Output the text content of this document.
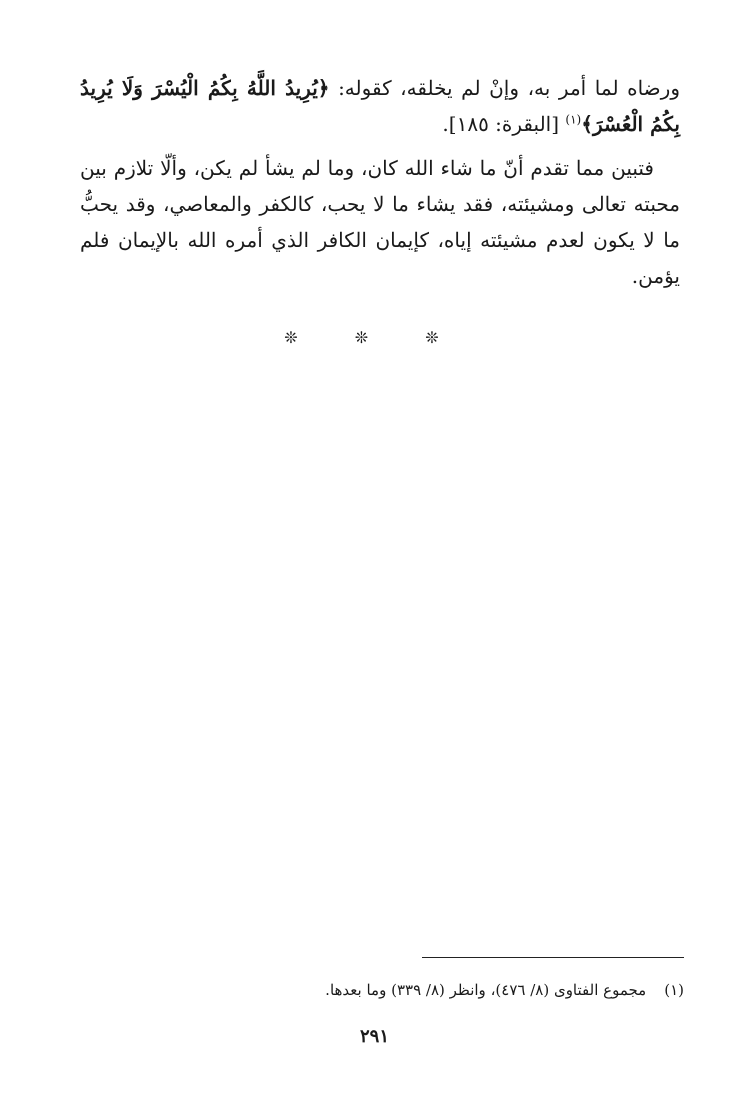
ورضاه لما أمر به، وإنْ لم يخلقه، كقوله: ﴿يُرِيدُ اللَّهُ بِكُمُ الْيُسْرَ وَلَا يُرِيدُ بِكُمُ الْعُسْرَ﴾$^{(١)}$ [البقرة: ١٨٥].

فتبين مما تقدم أنّ ما شاء الله كان، وما لم يشأ لم يكن، وألّا تلازم بين محبته تعالى ومشيئته، فقد يشاء ما لا يحب، كالكفر والمعاصي، وقد يحبُّ ما لا يكون لعدم مشيئته إياه، كإيمان الكافر الذي أمره الله بالإيمان فلم يؤمن.

❊ ❊ ❊
(١)مجموع الفتاوى (٨/ ٤٧٦)، وانظر (٨/ ٣٣٩) وما بعدها.
٢٩١
